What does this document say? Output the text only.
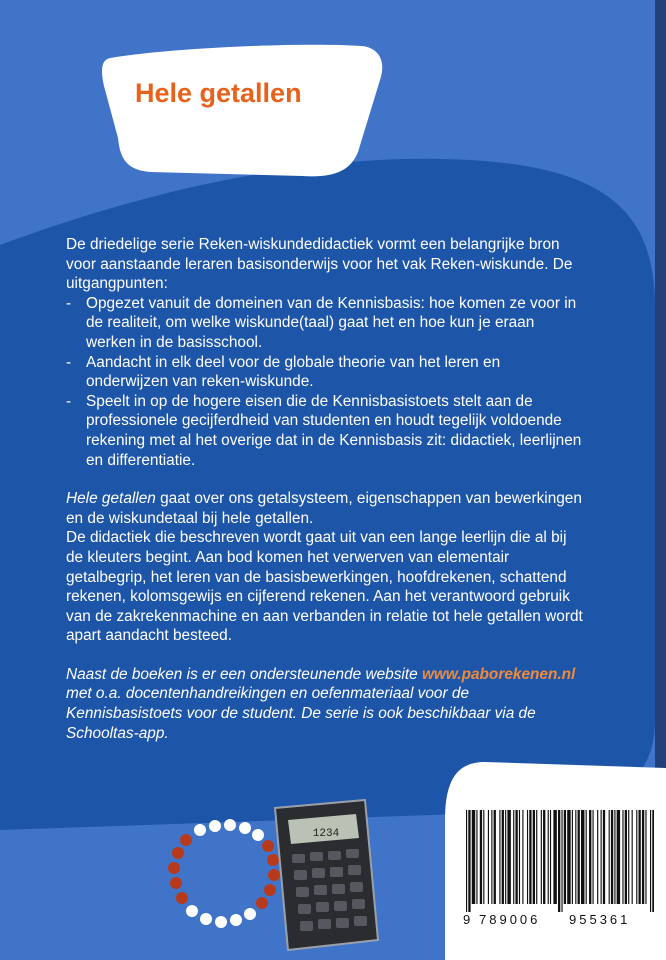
Hele getallen

De driedelige serie Reken-wiskundedidactiek vormt een belangrijke bron voor aanstaande leraren basisonderwijs voor het vak Reken-wiskunde. De uitgangpunten:

- Opgezet vanuit de domeinen van de Kennisbasis: hoe komen ze voor in de realiteit, om welke wiskunde(taal) gaat het en hoe kun je eraan werken in de basisschool.
- Aandacht in elk deel voor de globale theorie van het leren en onderwijzen van reken-wiskunde.
- Speelt in op de hogere eisen die de Kennisbasistoets stelt aan de professionele gecijferdheid van studenten en houdt tegelijk voldoende rekening met al het overige dat in de Kennisbasis zit: didactiek, leerlijnen en differentiatie.

Hele getallen gaat over ons getalsysteem, eigenschappen van bewerkingen en de wiskundetaal bij hele getallen.

De didactiek die beschreven wordt gaat uit van een lange leerlijn die al bij de kleuters begint. Aan bod komen het verwerven van elementair getalbegrip, het leren van de basisbewerkingen, hoofdrekenen, schattend rekenen, kolomsgewijs en cijferend rekenen. Aan het verantwoord gebruik van de zakrekenmachine en aan verbanden in relatie tot hele getallen wordt apart aandacht besteed.

Naast de boeken is er een ondersteunende website www.paborekenen.nl met o.a. docentenhandreikingen en oefenmateriaal voor de Kennisbasistoets voor de student. De serie is ook beschikbaar via de Schooltas-app.

1234
9 789006 955361
